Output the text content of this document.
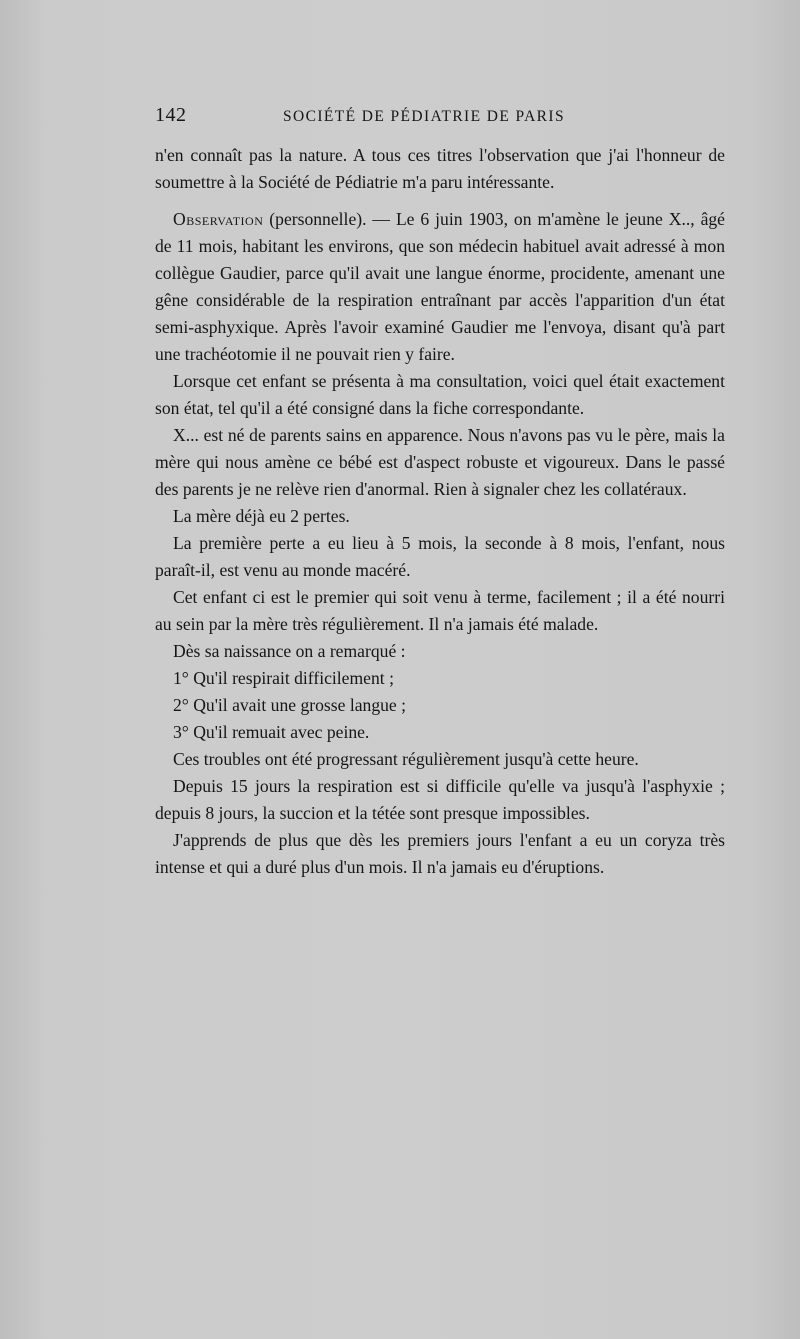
142	SOCIÉTÉ DE PÉDIATRIE DE PARIS

n'en connaît pas la nature. A tous ces titres l'observation que j'ai l'honneur de soumettre à la Société de Pédiatrie m'a paru intéressante.

Observation (personnelle). — Le 6 juin 1903, on m'amène le jeune X.., âgé de 11 mois, habitant les environs, que son médecin habituel avait adressé à mon collègue Gaudier, parce qu'il avait une langue énorme, procidente, amenant une gêne considérable de la respiration entraînant par accès l'apparition d'un état semi-asphyxique. Après l'avoir examiné Gaudier me l'envoya, disant qu'à part une trachéotomie il ne pouvait rien y faire.

Lorsque cet enfant se présenta à ma consultation, voici quel était exactement son état, tel qu'il a été consigné dans la fiche correspondante.

X... est né de parents sains en apparence. Nous n'avons pas vu le père, mais la mère qui nous amène ce bébé est d'aspect robuste et vigoureux. Dans le passé des parents je ne relève rien d'anormal. Rien à signaler chez les collatéraux.

La mère déjà eu 2 pertes.

La première perte a eu lieu à 5 mois, la seconde à 8 mois, l'enfant, nous paraît-il, est venu au monde macéré.

Cet enfant ci est le premier qui soit venu à terme, facilement ; il a été nourri au sein par la mère très régulièrement. Il n'a jamais été malade.

Dès sa naissance on a remarqué :

1° Qu'il respirait difficilement ;

2° Qu'il avait une grosse langue ;

3° Qu'il remuait avec peine.

Ces troubles ont été progressant régulièrement jusqu'à cette heure.

Depuis 15 jours la respiration est si difficile qu'elle va jusqu'à l'asphyxie ; depuis 8 jours, la succion et la tétée sont presque impossibles.

J'apprends de plus que dès les premiers jours l'enfant a eu un coryza très intense et qui a duré plus d'un mois. Il n'a jamais eu d'éruptions.
